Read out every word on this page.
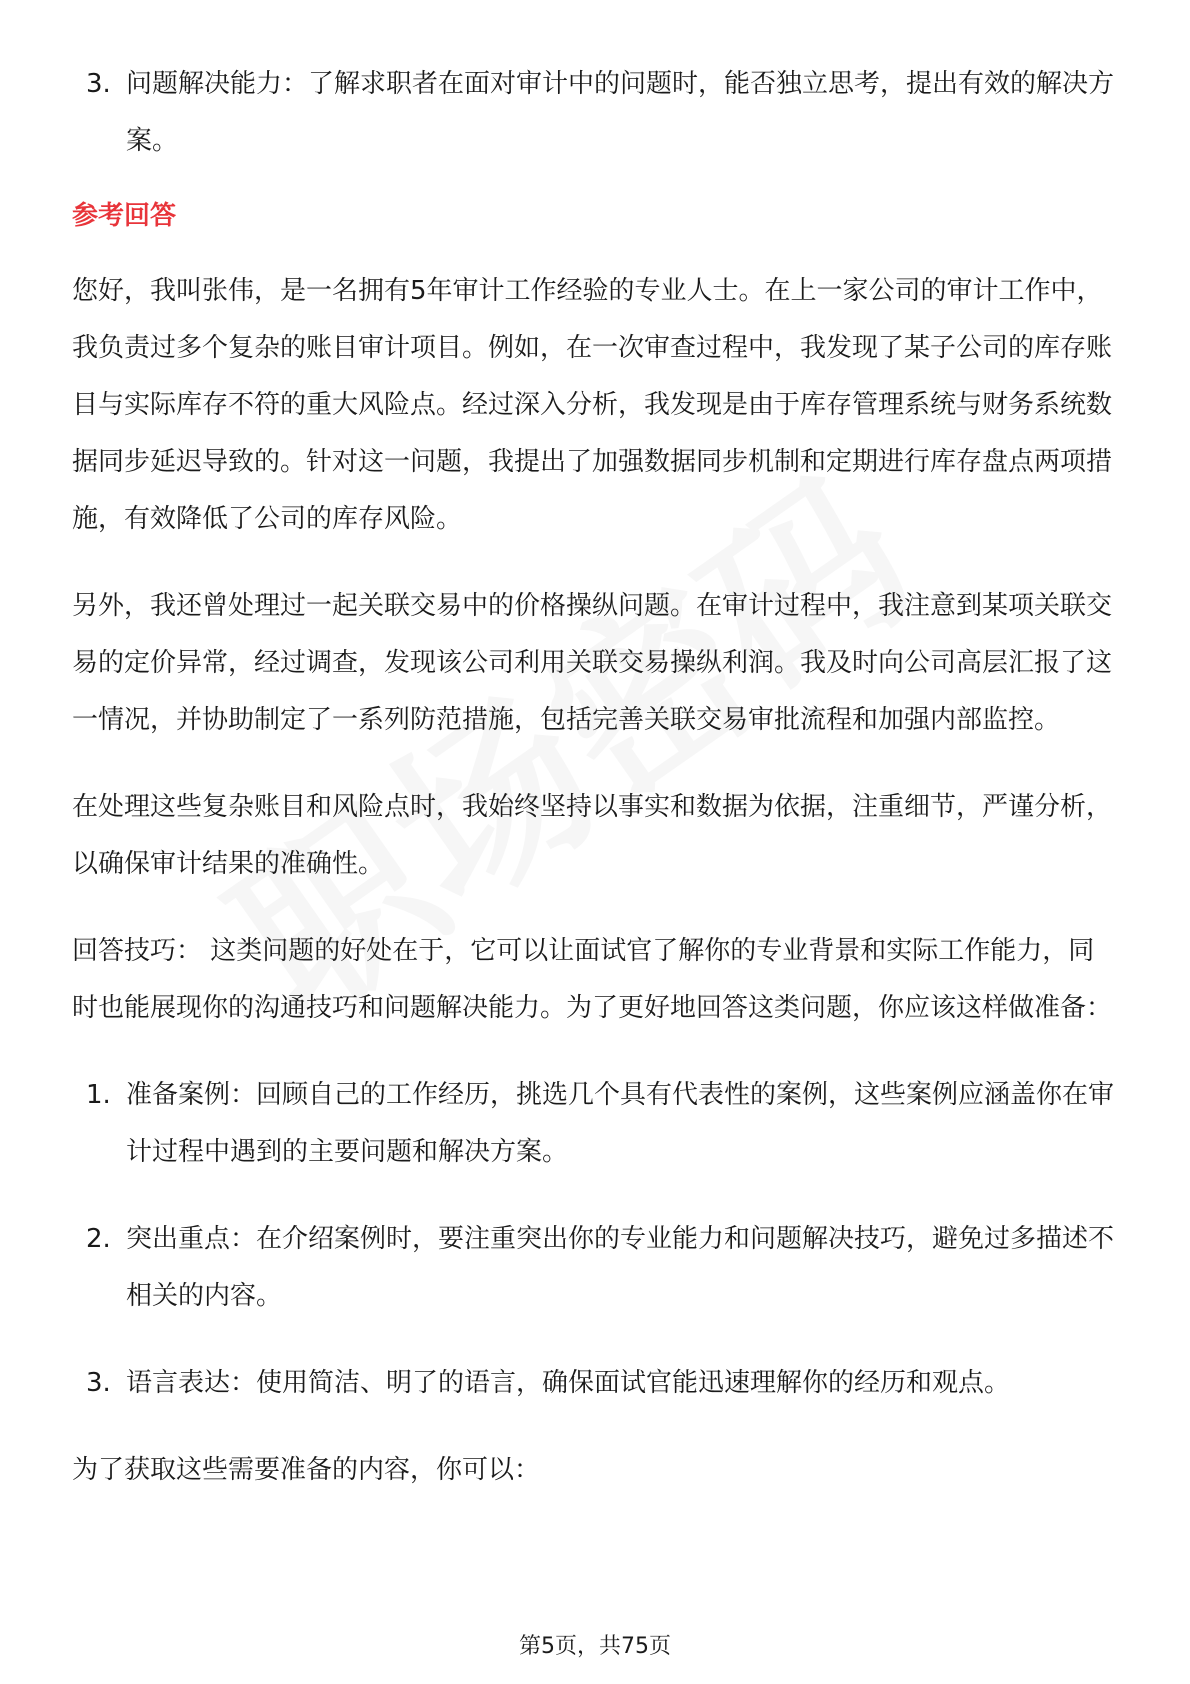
3. 问题解决能力：了解求职者在面对审计中的问题时，能否独立思考，提出有效的解决方案。

参考回答

您好，我叫张伟，是一名拥有5年审计工作经验的专业人士。在上一家公司的审计工作中，我负责过多个复杂的账目审计项目。例如，在一次审查过程中，我发现了某子公司的库存账目与实际库存不符的重大风险点。经过深入分析，我发现是由于库存管理系统与财务系统数据同步延迟导致的。针对这一问题，我提出了加强数据同步机制和定期进行库存盘点两项措施，有效降低了公司的库存风险。

另外，我还曾处理过一起关联交易中的价格操纵问题。在审计过程中，我注意到某项关联交易的定价异常，经过调查，发现该公司利用关联交易操纵利润。我及时向公司高层汇报了这一情况，并协助制定了一系列防范措施，包括完善关联交易审批流程和加强内部监控。

在处理这些复杂账目和风险点时，我始终坚持以事实和数据为依据，注重细节，严谨分析，以确保审计结果的准确性。

回答技巧： 这类问题的好处在于，它可以让面试官了解你的专业背景和实际工作能力，同时也能展现你的沟通技巧和问题解决能力。为了更好地回答这类问题，你应该这样做准备：

1. 准备案例：回顾自己的工作经历，挑选几个具有代表性的案例，这些案例应涵盖你在审计过程中遇到的主要问题和解决方案。

2. 突出重点：在介绍案例时，要注重突出你的专业能力和问题解决技巧，避免过多描述不相关的内容。

3. 语言表达：使用简洁、明了的语言，确保面试官能迅速理解你的经历和观点。

为了获取这些需要准备的内容，你可以：

第5页，共75页
